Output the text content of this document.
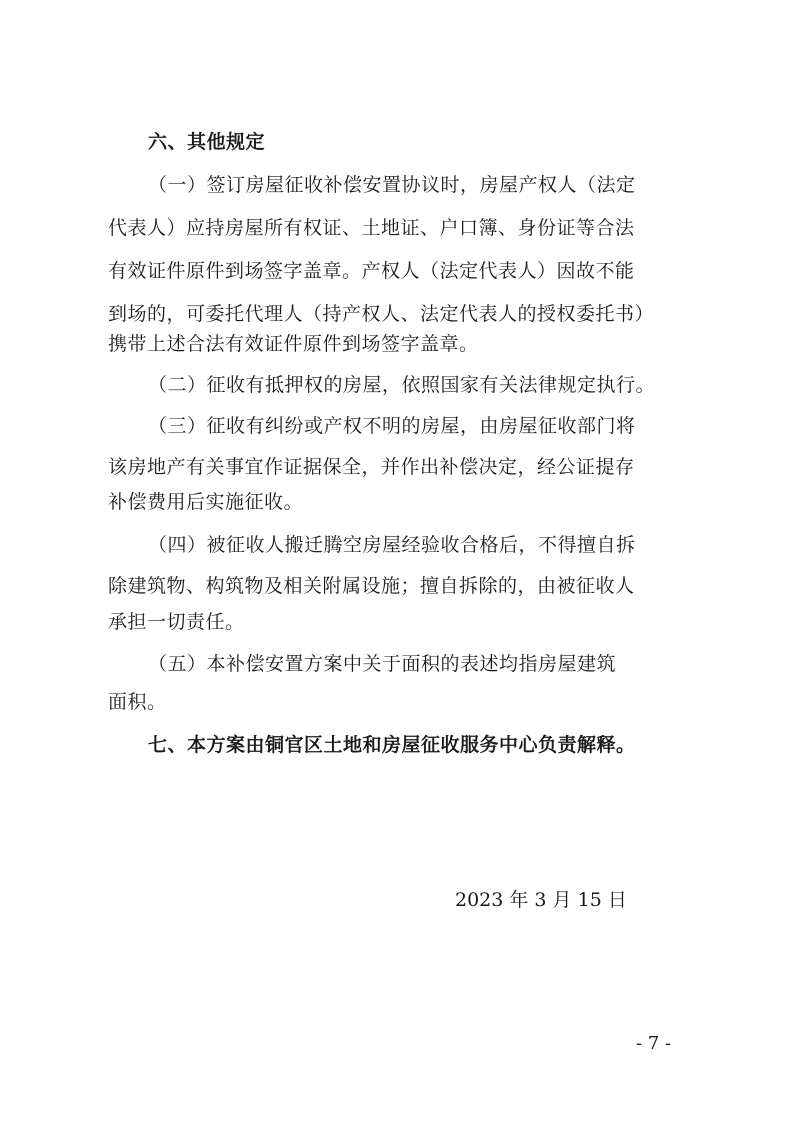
六、其他规定
（一）签订房屋征收补偿安置协议时，房屋产权人（法定
代表人）应持房屋所有权证、土地证、户口簿、身份证等合法
有效证件原件到场签字盖章。产权人（法定代表人）因故不能
到场的，可委托代理人（持产权人、法定代表人的授权委托书）
携带上述合法有效证件原件到场签字盖章。
（二）征收有抵押权的房屋，依照国家有关法律规定执行。
（三）征收有纠纷或产权不明的房屋，由房屋征收部门将
该房地产有关事宜作证据保全，并作出补偿决定，经公证提存
补偿费用后实施征收。
（四）被征收人搬迁腾空房屋经验收合格后，不得擅自拆
除建筑物、构筑物及相关附属设施；擅自拆除的，由被征收人
承担一切责任。
（五）本补偿安置方案中关于面积的表述均指房屋建筑
面积。
七、本方案由铜官区土地和房屋征收服务中心负责解释。
2023 年 3 月 15 日
- 7 -
